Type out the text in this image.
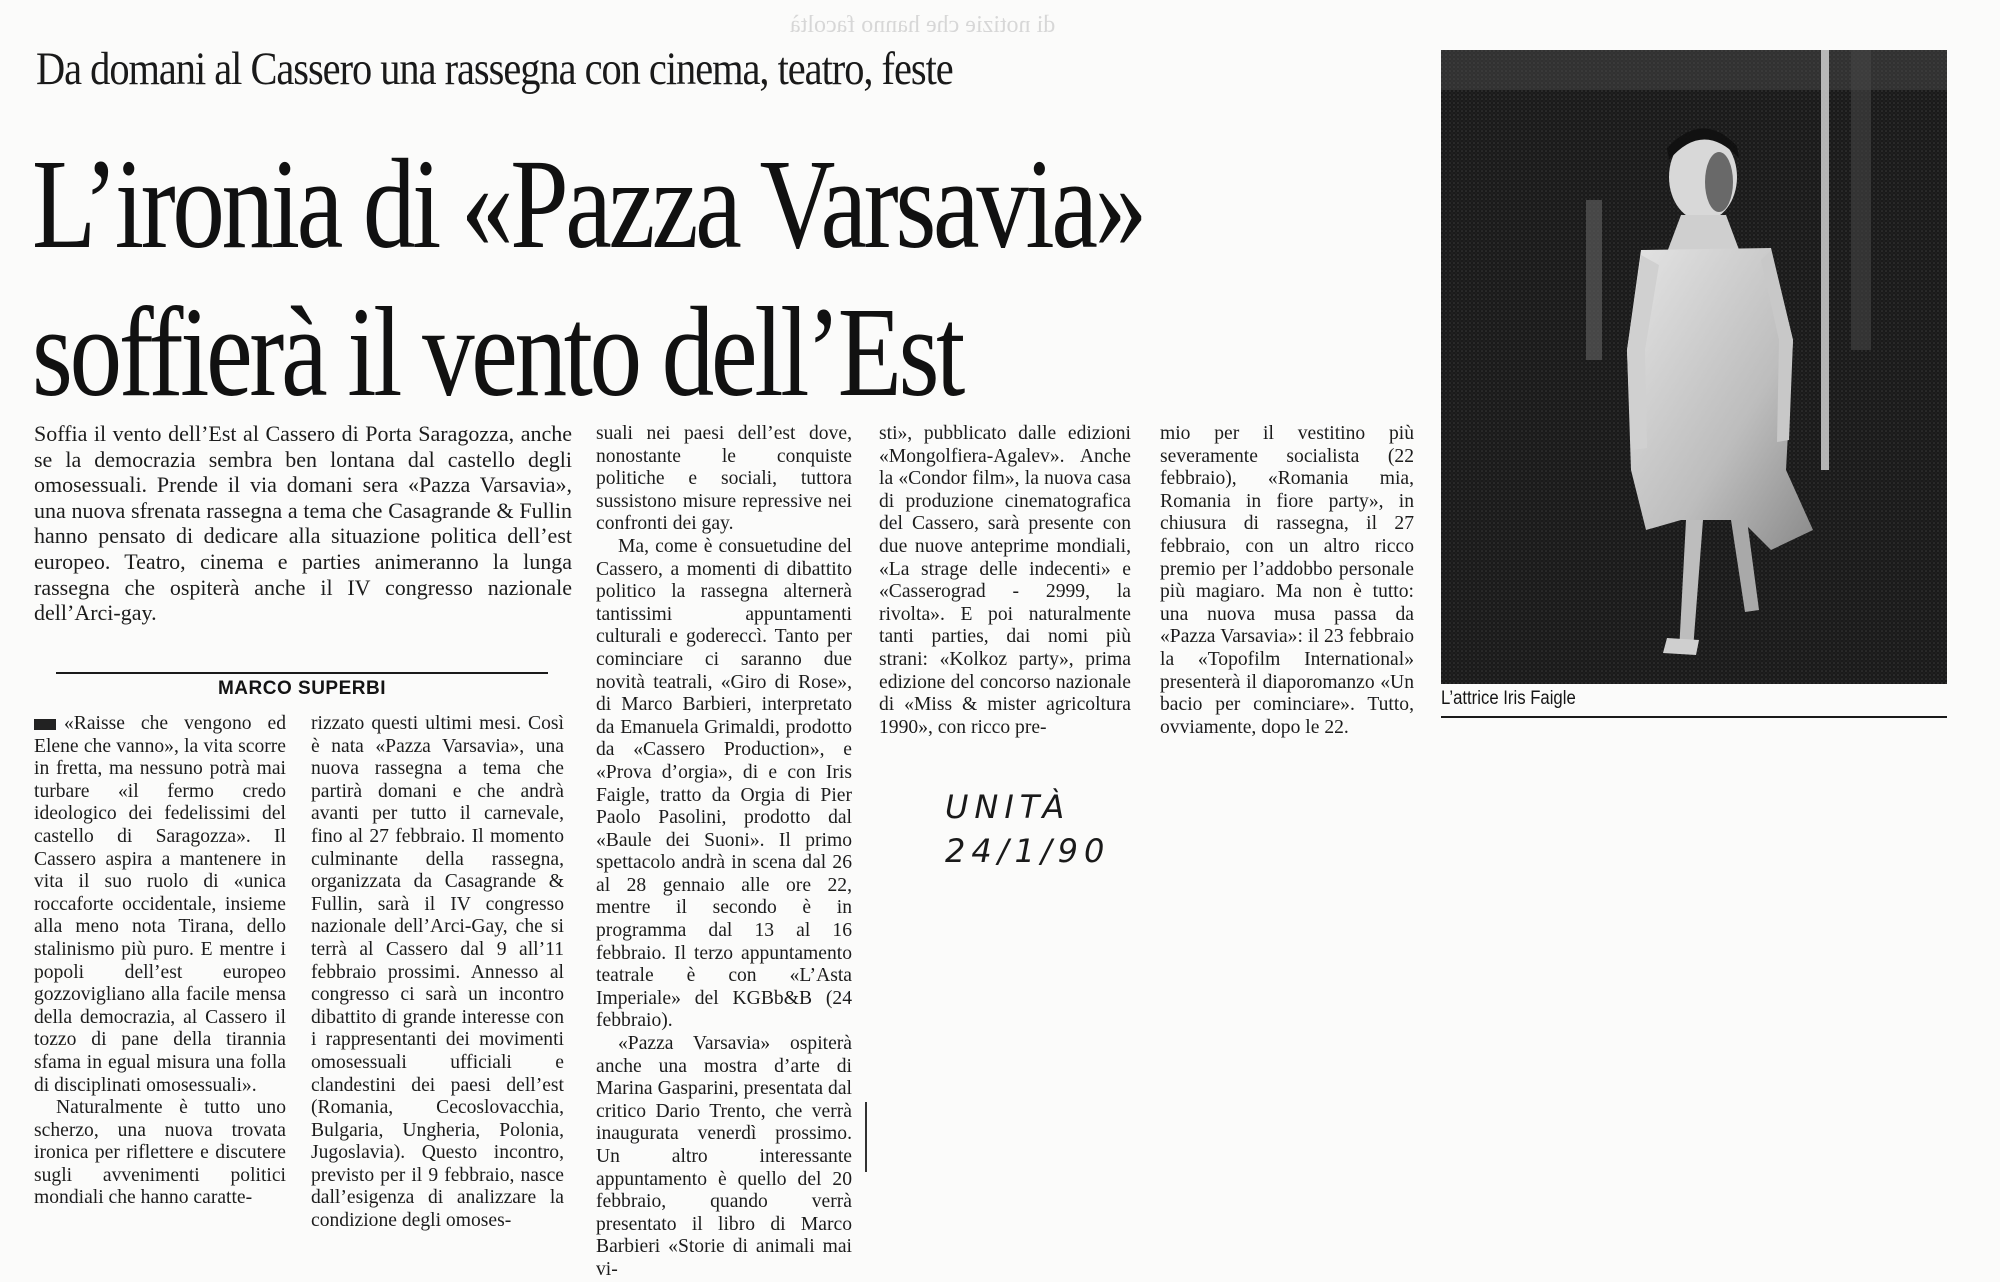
di notizie che hanno facoltà
Da domani al Cassero una rassegna con cinema, teatro, feste
L’ironia di «Pazza Varsavia»
soffierà il vento dell’Est

Soffia il vento dell’Est al Cassero di Porta Saragozza, anche se la democrazia sembra ben lontana dal castello degli omosessuali. Prende il via domani sera «Pazza Varsavia», una nuova sfrenata rassegna a tema che Casagrande & Fullin hanno pensato di dedicare alla situazione politica dell’est europeo. Teatro, cinema e parties animeranno la lunga rassegna che ospiterà anche il IV congresso nazionale dell’Arci-gay.

MARCO SUPERBI

«Raisse che vengono ed Elene che vanno», la vita scorre in fretta, ma nessuno potrà mai turbare «il fermo credo ideologico dei fedelissimi del castello di Saragozza». Il Cassero aspira a mantenere in vita il suo ruolo di «unica roccaforte occidentale, insieme alla meno nota Tirana, dello stalinismo più puro. E mentre i popoli dell’est europeo gozzovigliano alla facile mensa della democrazia, al Cassero il tozzo di pane della tirannia sfama in egual misura una folla di disciplinati omosessuali».

Naturalmente è tutto uno scherzo, una nuova trovata ironica per riflettere e discutere sugli avvenimenti politici mondiali che hanno caratte-

rizzato questi ultimi mesi. Così è nata «Pazza Varsavia», una nuova rassegna a tema che partirà domani e che andrà avanti per tutto il carnevale, fino al 27 febbraio. Il momento culminante della rassegna, organizzata da Casagrande & Fullin, sarà il IV congresso nazionale dell’Arci-Gay, che si terrà al Cassero dal 9 all’11 febbraio prossimi. Annesso al congresso ci sarà un incontro dibattito di grande interesse con i rappresentanti dei movimenti omosessuali ufficiali e clandestini dei paesi dell’est (Romania, Cecoslovacchia, Bulgaria, Ungheria, Polonia, Jugoslavia). Questo incontro, previsto per il 9 febbraio, nasce dall’esigenza di analizzare la condizione degli omoses-

suali nei paesi dell’est dove, nonostante le conquiste politiche e sociali, tuttora sussistono misure repressive nei confronti dei gay.

Ma, come è consuetudine del Cassero, a momenti di dibattito politico la rassegna alternerà tantissimi appuntamenti culturali e godereccì. Tanto per cominciare ci saranno due novità teatrali, «Giro di Rose», di Marco Barbieri, interpretato da Emanuela Grimaldi, prodotto da «Cassero Production», e «Prova d’orgia», di e con Iris Faigle, tratto da Orgia di Pier Paolo Pasolini, prodotto dal «Baule dei Suoni». Il primo spettacolo andrà in scena dal 26 al 28 gennaio alle ore 22, mentre il secondo è in programma dal 13 al 16 febbraio. Il terzo appuntamento teatrale è con «L’Asta Imperiale» del KGBb&B (24 febbraio).

«Pazza Varsavia» ospiterà anche una mostra d’arte di Marina Gasparini, presentata dal critico Dario Trento, che verrà inaugurata venerdì prossimo. Un altro interessante appuntamento è quello del 20 febbraio, quando verrà presentato il libro di Marco Barbieri «Storie di animali mai vi-

sti», pubblicato dalle edizioni «Mongolfiera-Agalev». Anche la «Condor film», la nuova casa di produzione cinematografica del Cassero, sarà presente con due nuove anteprime mondiali, «La strage delle indecenti» e «Casserograd - 2999, la rivolta». E poi naturalmente tanti parties, dai nomi più strani: «Kolkoz party», prima edizione del concorso nazionale di «Miss & mister agricoltura 1990», con ricco pre-

mio per il vestitino più severamente socialista (22 febbraio), «Romania mia, Romania in fiore party», in chiusura di rassegna, il 27 febbraio, con un altro ricco premio per l’addobbo personale più magiaro. Ma non è tutto: una nuova musa passa da «Pazza Varsavia»: il 23 febbraio la «Topofilm International» presenterà il diaporomanzo «Un bacio per cominciare». Tutto, ovviamente, dopo le 22.

L’attrice Iris Faigle
UNITÀ
24/1/90
